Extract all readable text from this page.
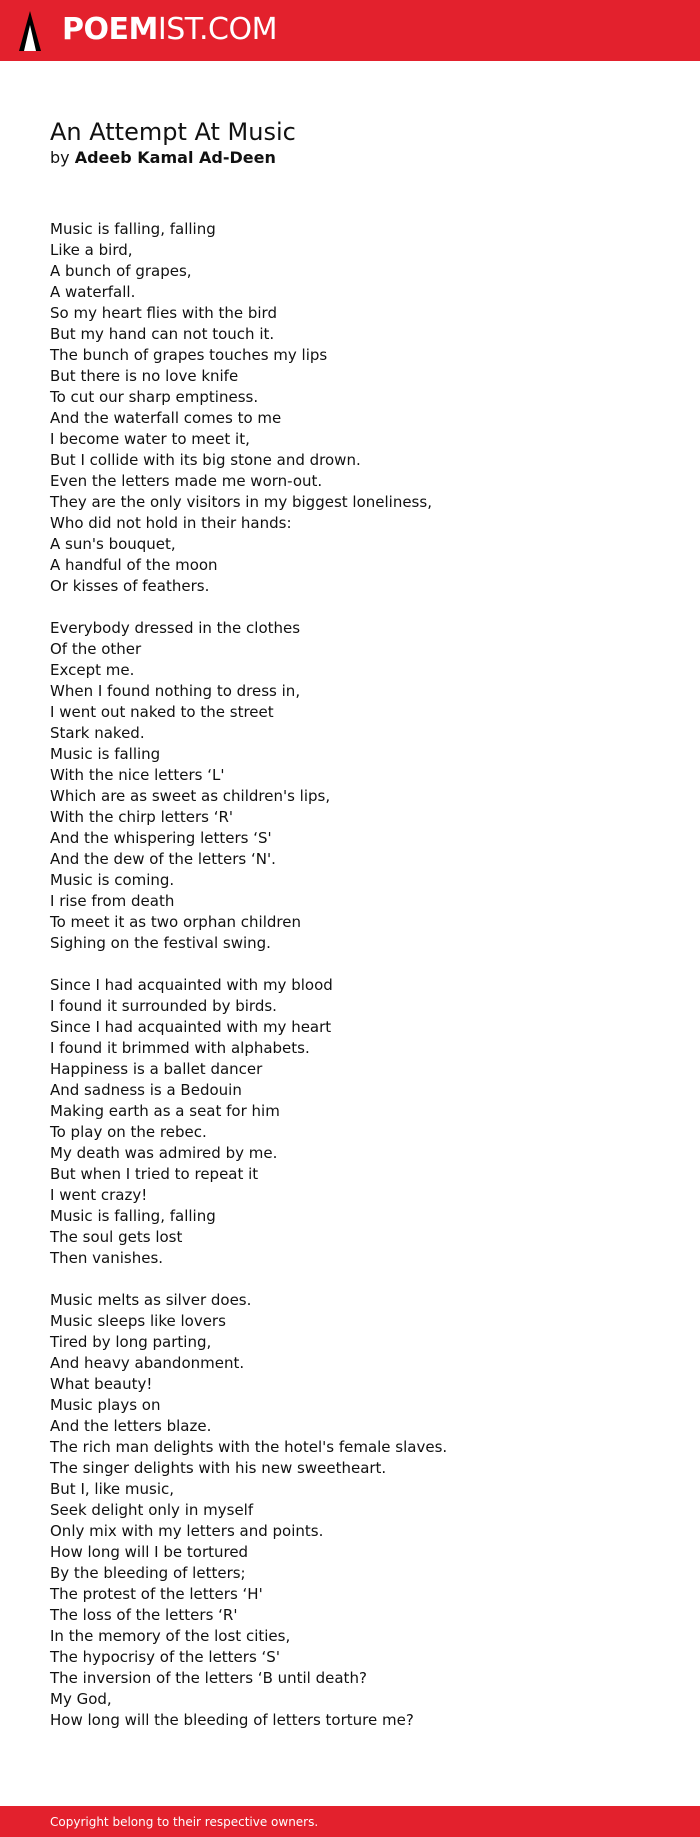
POEMIST.COM
An Attempt At Music
by Adeeb Kamal Ad-Deen
Music is falling, falling
Like a bird,
A bunch of grapes,
A waterfall.
So my heart flies with the bird
But my hand can not touch it.
The bunch of grapes touches my lips
But there is no love knife
To cut our sharp emptiness.
And the waterfall comes to me
I become water to meet it,
But I collide with its big stone and drown.
Even the letters made me worn-out.
They are the only visitors in my biggest loneliness,
Who did not hold in their hands:
A sun's bouquet,
A handful of the moon
Or kisses of feathers.
Everybody dressed in the clothes
Of the other
Except me.
When I found nothing to dress in,
I went out naked to the street
Stark naked.
Music is falling
With the nice letters ‘L'
Which are as sweet as children's lips,
With the chirp letters ‘R'
And the whispering letters ‘S'
And the dew of the letters ‘N'.
Music is coming.
I rise from death
To meet it as two orphan children
Sighing on the festival swing.
Since I had acquainted with my blood
I found it surrounded by birds.
Since I had acquainted with my heart
I found it brimmed with alphabets.
Happiness is a ballet dancer
And sadness is a Bedouin
Making earth as a seat for him
To play on the rebec.
My death was admired by me.
But when I tried to repeat it
I went crazy!
Music is falling, falling
The soul gets lost
Then vanishes.
Music melts as silver does.
Music sleeps like lovers
Tired by long parting,
And heavy abandonment.
What beauty!
Music plays on
And the letters blaze.
The rich man delights with the hotel's female slaves.
The singer delights with his new sweetheart.
But I, like music,
Seek delight only in myself
Only mix with my letters and points.
How long will I be tortured
By the bleeding of letters;
The protest of the letters ‘H'
The loss of the letters ‘R'
In the memory of the lost cities,
The hypocrisy of the letters ‘S'
The inversion of the letters ‘B until death?
My God,
How long will the bleeding of letters torture me?
Copyright belong to their respective owners.
